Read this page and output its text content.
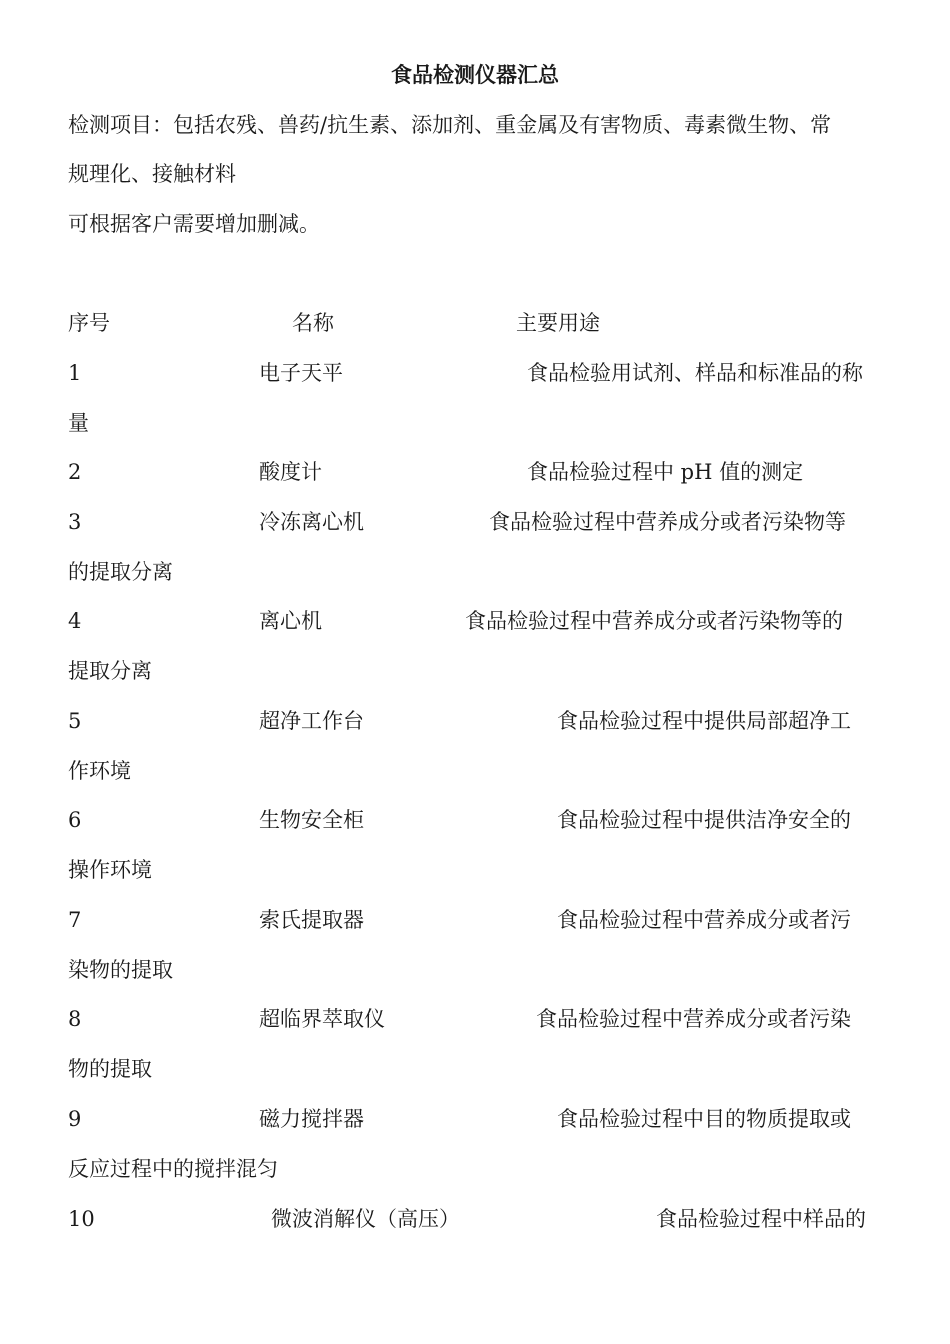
食品检测仪器汇总
检测项目：包括农残、兽药/抗生素、添加剂、重金属及有害物质、毒素微生物、常
规理化、接触材料
可根据客户需要增加删减。
序号	名称	主要用途
1	电子天平	食品检验用试剂、样品和标准品的称
量
2	酸度计	食品检验过程中 pH 值的测定
3	冷冻离心机	食品检验过程中营养成分或者污染物等
的提取分离
4	离心机	食品检验过程中营养成分或者污染物等的
提取分离
5	超净工作台	食品检验过程中提供局部超净工
作环境
6	生物安全柜	食品检验过程中提供洁净安全的
操作环境
7	索氏提取器	食品检验过程中营养成分或者污
染物的提取
8	超临界萃取仪	食品检验过程中营养成分或者污染
物的提取
9	磁力搅拌器	食品检验过程中目的物质提取或
反应过程中的搅拌混匀
10	微波消解仪（高压）	食品检验过程中样品的
